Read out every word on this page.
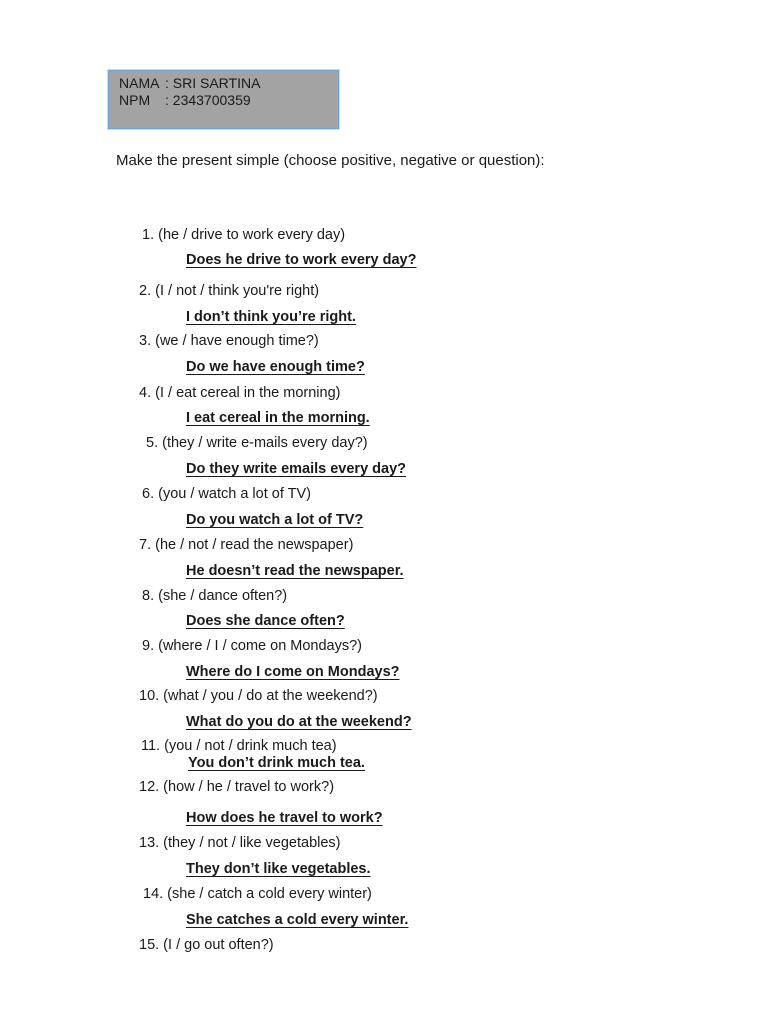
NAMA : SRI SARTINA
NPM	: 2343700359
Make the present simple (choose positive, negative or question):
1. (he / drive to work every day)
Does he drive to work every day?
2. (I / not / think you're right)
I don’t think you’re right.
3. (we / have enough time?)
Do we have enough time?
4. (I / eat cereal in the morning)
I eat cereal in the morning.
5. (they / write e-mails every day?)
Do they write emails every day?
6. (you / watch a lot of TV)
Do you watch a lot of TV?
7. (he / not / read the newspaper)
He doesn’t read the newspaper.
8. (she / dance often?)
Does she dance often?
9. (where / I / come on Mondays?)
Where do I come on Mondays?
10. (what / you / do at the weekend?)
What do you do at the weekend?
11. (you / not / drink much tea)
You don’t drink much tea.
12. (how / he / travel to work?)
How does he travel to work?
13. (they / not / like vegetables)
They don’t like vegetables.
14. (she / catch a cold every winter)
She catches a cold every winter.
15. (I / go out often?)
